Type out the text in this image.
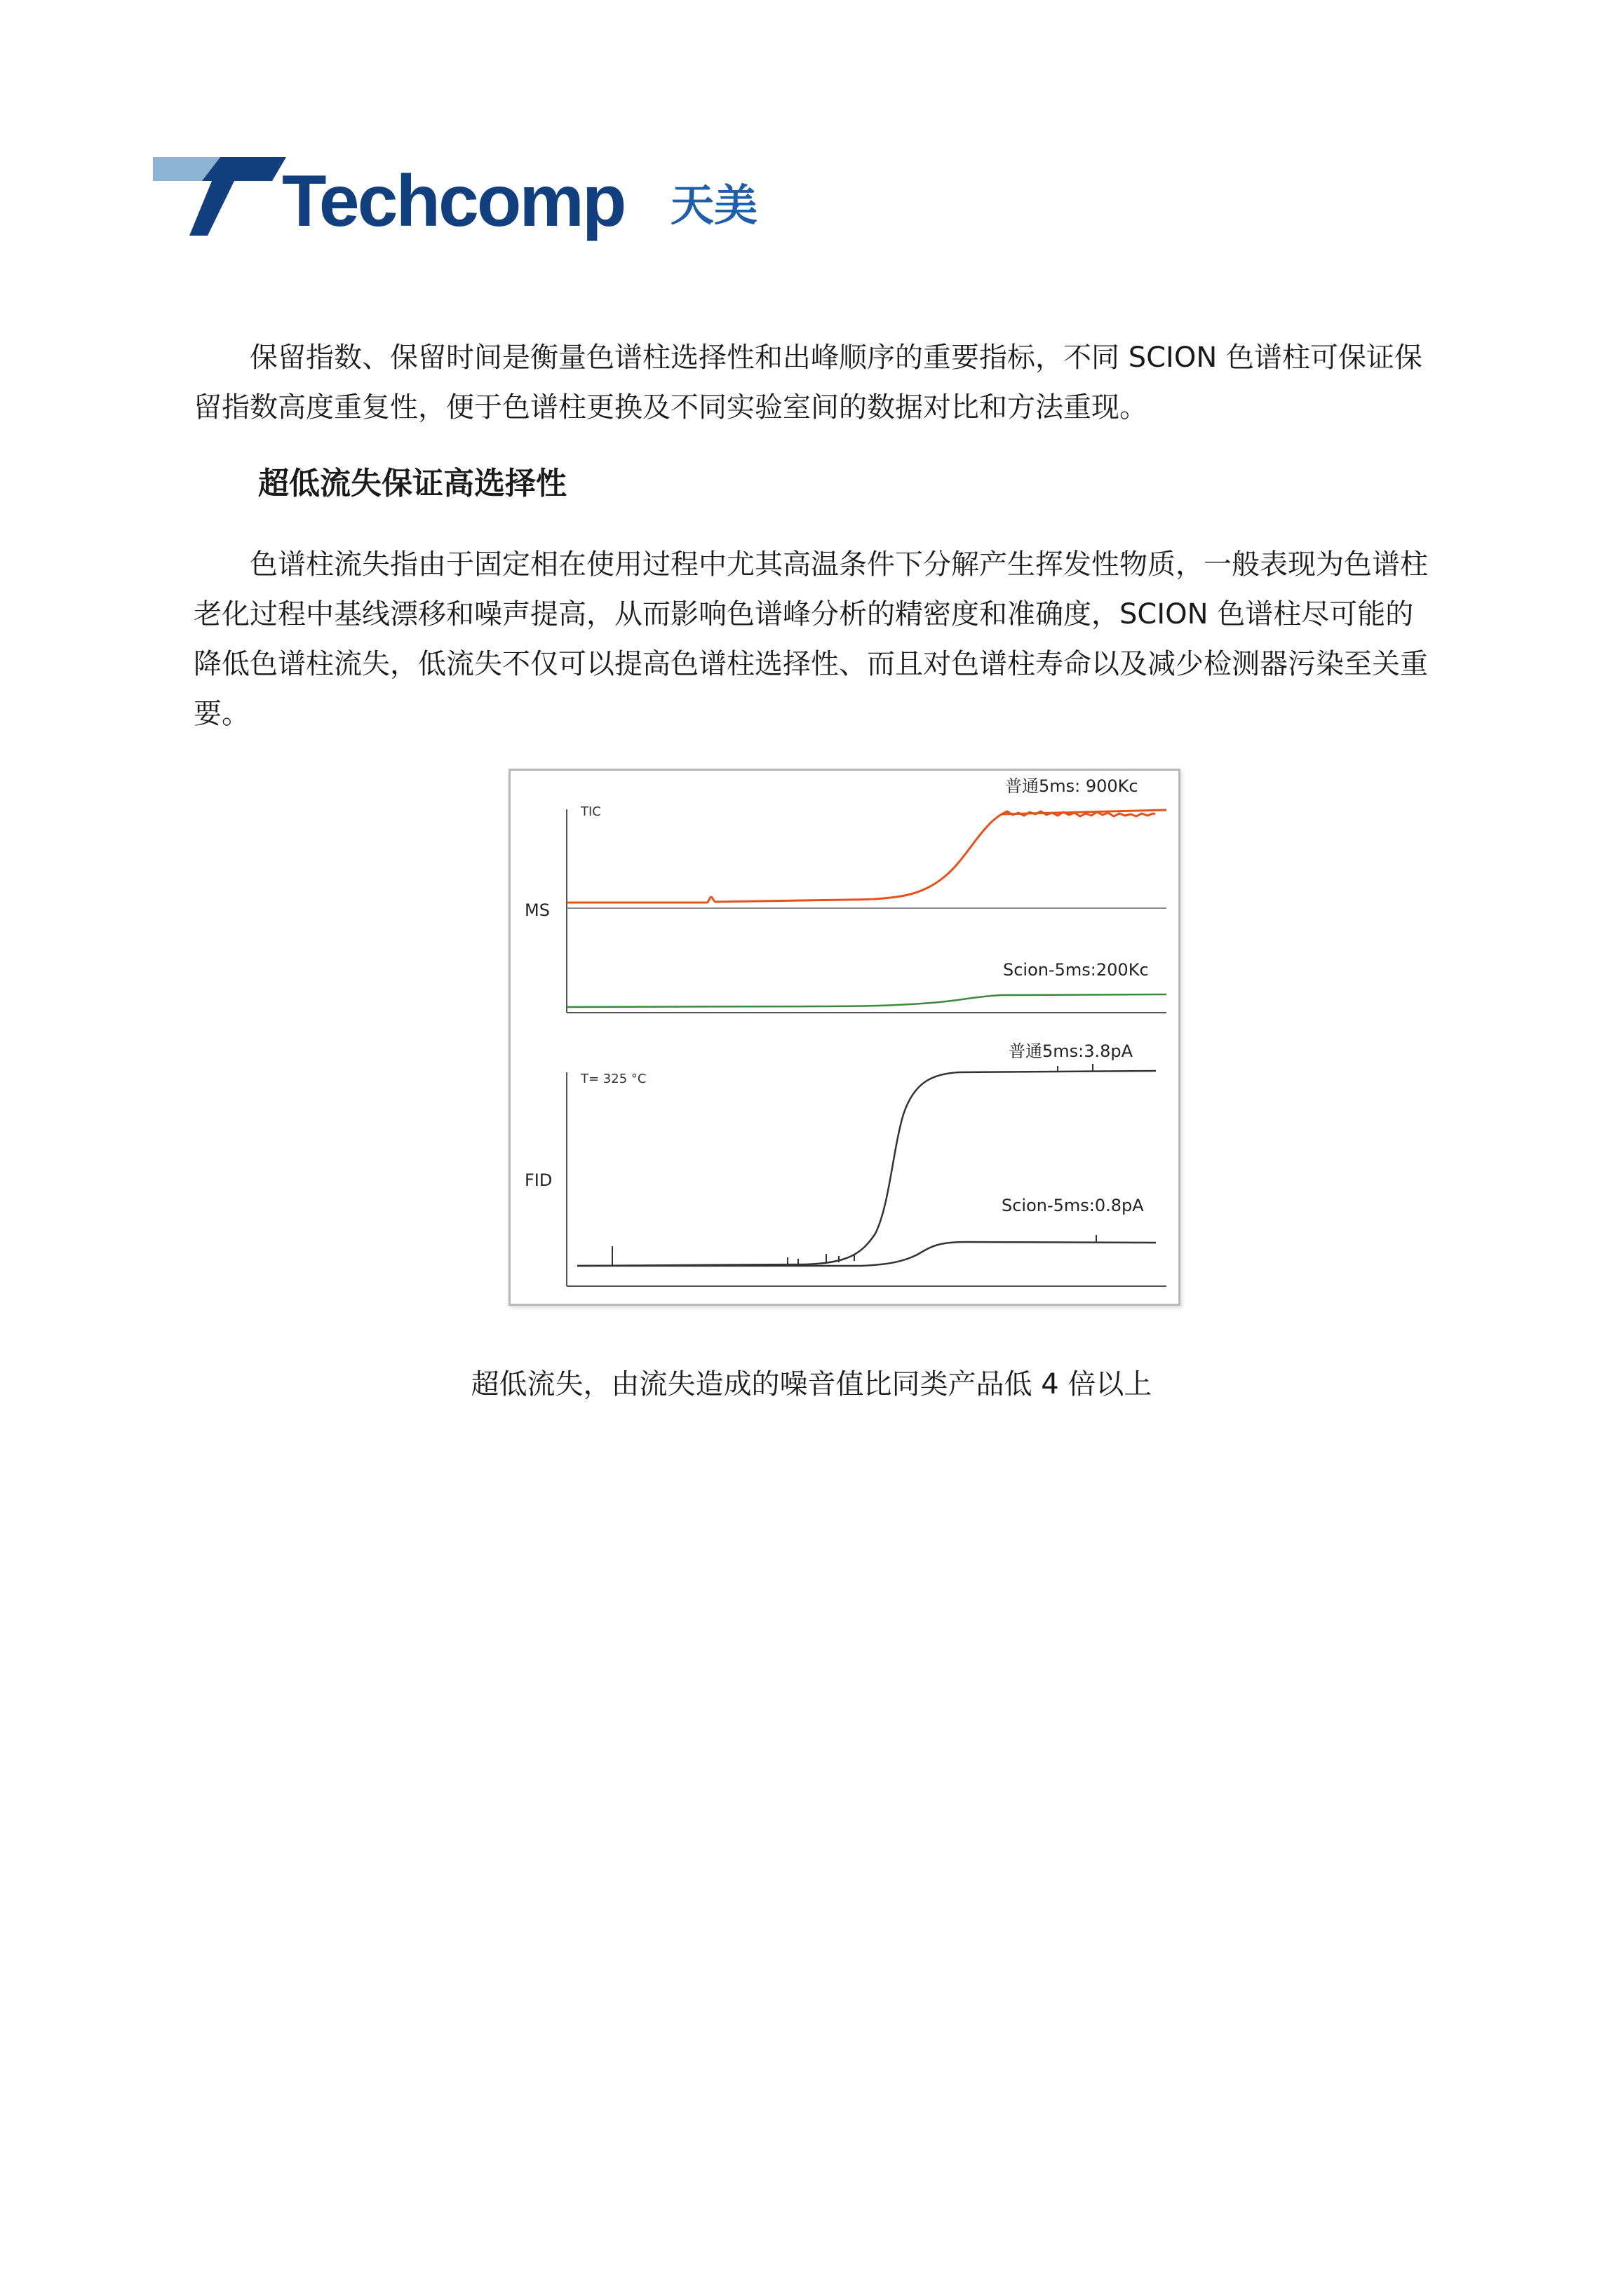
Techcomp 天美

保留指数、保留时间是衡量色谱柱选择性和出峰顺序的重要指标，不同 SCION 色谱柱可保证保留指数高度重复性，便于色谱柱更换及不同实验室间的数据对比和方法重现。

超低流失保证高选择性

色谱柱流失指由于固定相在使用过程中尤其高温条件下分解产生挥发性物质，一般表现为色谱柱老化过程中基线漂移和噪声提高，从而影响色谱峰分析的精密度和准确度，SCION 色谱柱尽可能的降低色谱柱流失，低流失不仅可以提高色谱柱选择性、而且对色谱柱寿命以及减少检测器污染至关重要。

MS
TIC
普通5ms: 900Kc
Scion-5ms:200Kc
FID
T= 325 °C
普通5ms:3.8pA
Scion-5ms:0.8pA

超低流失，由流失造成的噪音值比同类产品低 4 倍以上
